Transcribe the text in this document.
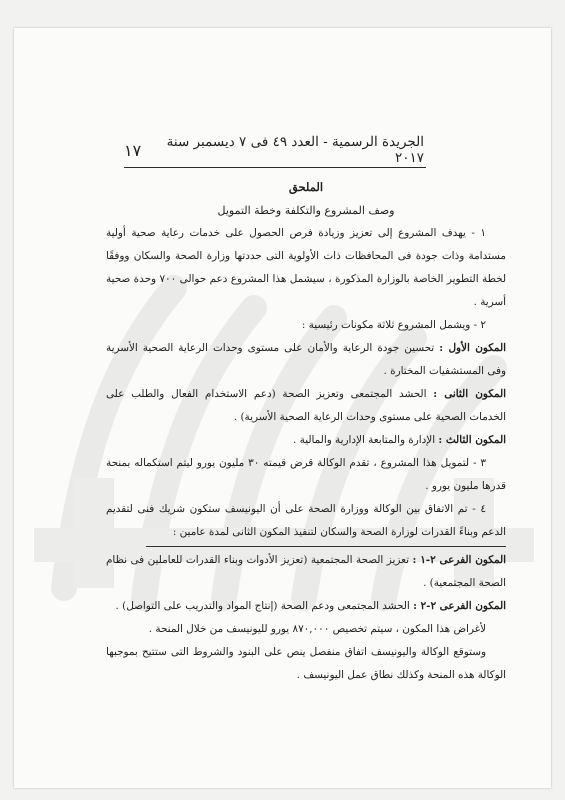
الجريدة الرسمية - العدد ٤٩ فى ٧ ديسمبر سنة ٢٠١٧
١٧

الملحق

وصف المشروع والتكلفة وخطة التمويل

١ - يهدف المشروع إلى تعزيز وزيادة فرص الحصول على خدمات رعاية صحية أولية مستدامة وذات جودة فى المحافظات ذات الأولوية التى حددتها وزارة الصحة والسكان ووفقًا لخطة التطوير الخاصة بالوزارة المذكورة ، سيشمل هذا المشروع دعم حوالى ٧٠٠ وحدة صحية أسرية .

٢ - ويشمل المشروع ثلاثة مكونات رئيسية :

المكون الأول : تحسين جودة الرعاية والأمان على مستوى وحدات الرعاية الصحية الأسرية وفى المستشفيات المختارة .

المكون الثانى : الحشد المجتمعى وتعزيز الصحة (دعم الاستخدام الفعال والطلب على الخدمات الصحية على مستوى وحدات الرعاية الصحية الأسرية) .

المكون الثالث : الإدارة والمتابعة الإدارية والمالية .

٣ - لتمويل هذا المشروع ، تقدم الوكالة قرض قيمته ٣٠ مليون يورو ليتم استكماله بمنحة قدرها مليون يورو .

٤ - تم الاتفاق بين الوكالة ووزارة الصحة على أن اليونيسف ستكون شريك فنى لتقديم الدعم وبناءً القدرات لوزارة الصحة والسكان لتنفيذ المكون الثانى لمدة عامين :

المكون الفرعى ٢-١ : تعزيز الصحة المجتمعية (تعزيز الأدوات وبناء القدرات للعاملين فى نظام الصحة المجتمعية) .

المكون الفرعى ٢-٢ : الحشد المجتمعى ودعم الصحة (إنتاج المواد والتدريب على التواصل) .

لأغراض هذا المكون ، سيتم تخصيص ٨٧٠,٠٠٠ يورو لليونيسف من خلال المنحة .

وستوقع الوكالة واليونيسف اتفاق منفصل ينص على البنود والشروط التى ستتيح بموجبها الوكالة هذه المنحة وكذلك نطاق عمل اليونيسف .
